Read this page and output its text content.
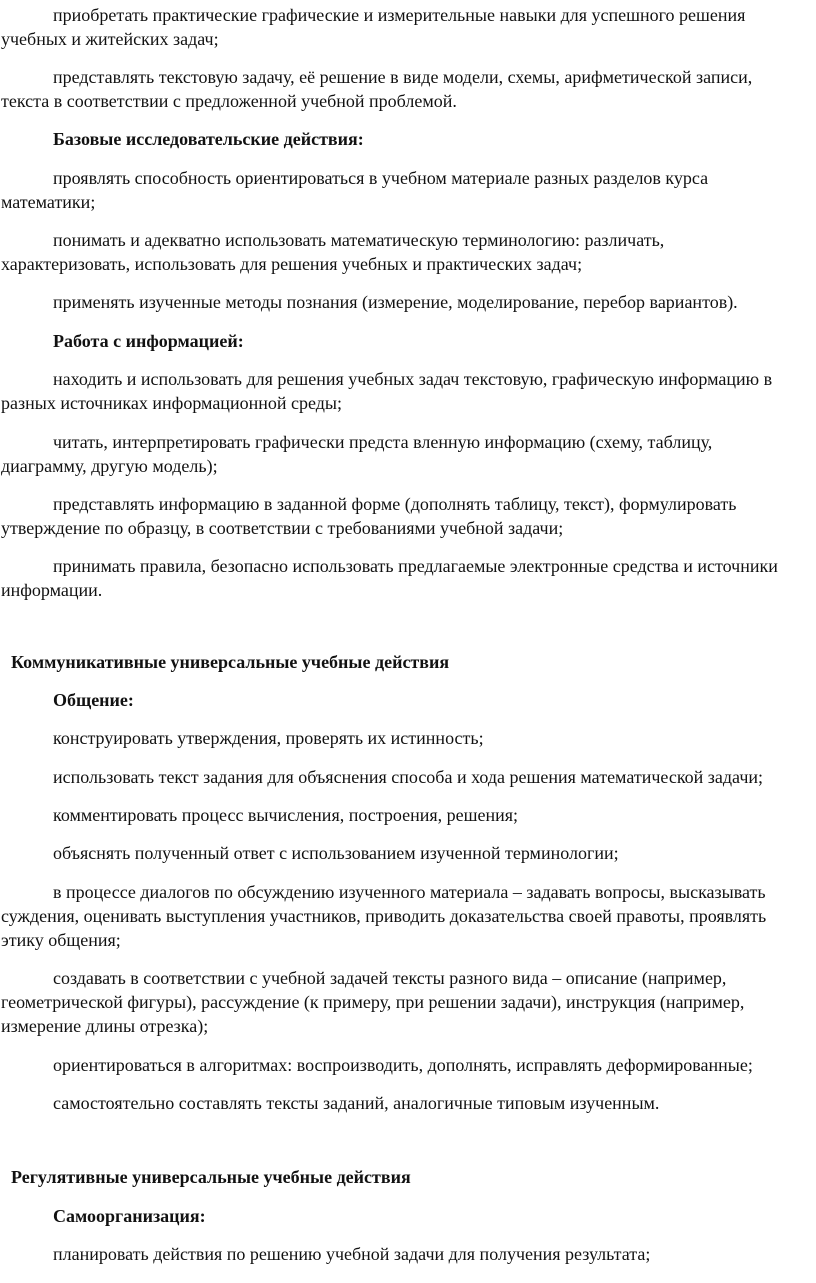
приобретать практические графические и измерительные навыки для успешного решения

учебных и житейских задач;

представлять текстовую задачу, её решение в виде модели, схемы, арифметической записи,

текста в соответствии с предложенной учебной проблемой.

Базовые исследовательские действия:

проявлять способность ориентироваться в учебном материале разных разделов курса

математики;

понимать и адекватно использовать математическую терминологию: различать,

характеризовать, использовать для решения учебных и практических задач;

применять изученные методы познания (измерение, моделирование, перебор вариантов).

Работа с информацией:

находить и использовать для решения учебных задач текстовую, графическую информацию в

разных источниках информационной среды;

читать, интерпретировать графически предста вленную информацию (схему, таблицу,

диаграмму, другую модель);

представлять информацию в заданной форме (дополнять таблицу, текст), формулировать

утверждение по образцу, в соответствии с требованиями учебной задачи;

принимать правила, безопасно использовать предлагаемые электронные средства и источники

информации.

Коммуникативные универсальные учебные действия

Общение:

конструировать утверждения, проверять их истинность;

использовать текст задания для объяснения способа и хода решения математической задачи;

комментировать процесс вычисления, построения, решения;

объяснять полученный ответ с использованием изученной терминологии;

в процессе диалогов по обсуждению изученного материала – задавать вопросы, высказывать

суждения, оценивать выступления участников, приводить доказательства своей правоты, проявлять

этику общения;

создавать в соответствии с учебной задачей тексты разного вида – описание (например,

геометрической фигуры), рассуждение (к примеру, при решении задачи), инструкция (например,

измерение длины отрезка);

ориентироваться в алгоритмах: воспроизводить, дополнять, исправлять деформированные;

самостоятельно составлять тексты заданий, аналогичные типовым изученным.

Регулятивные универсальные учебные действия

Самоорганизация:

планировать действия по решению учебной задачи для получения результата;
